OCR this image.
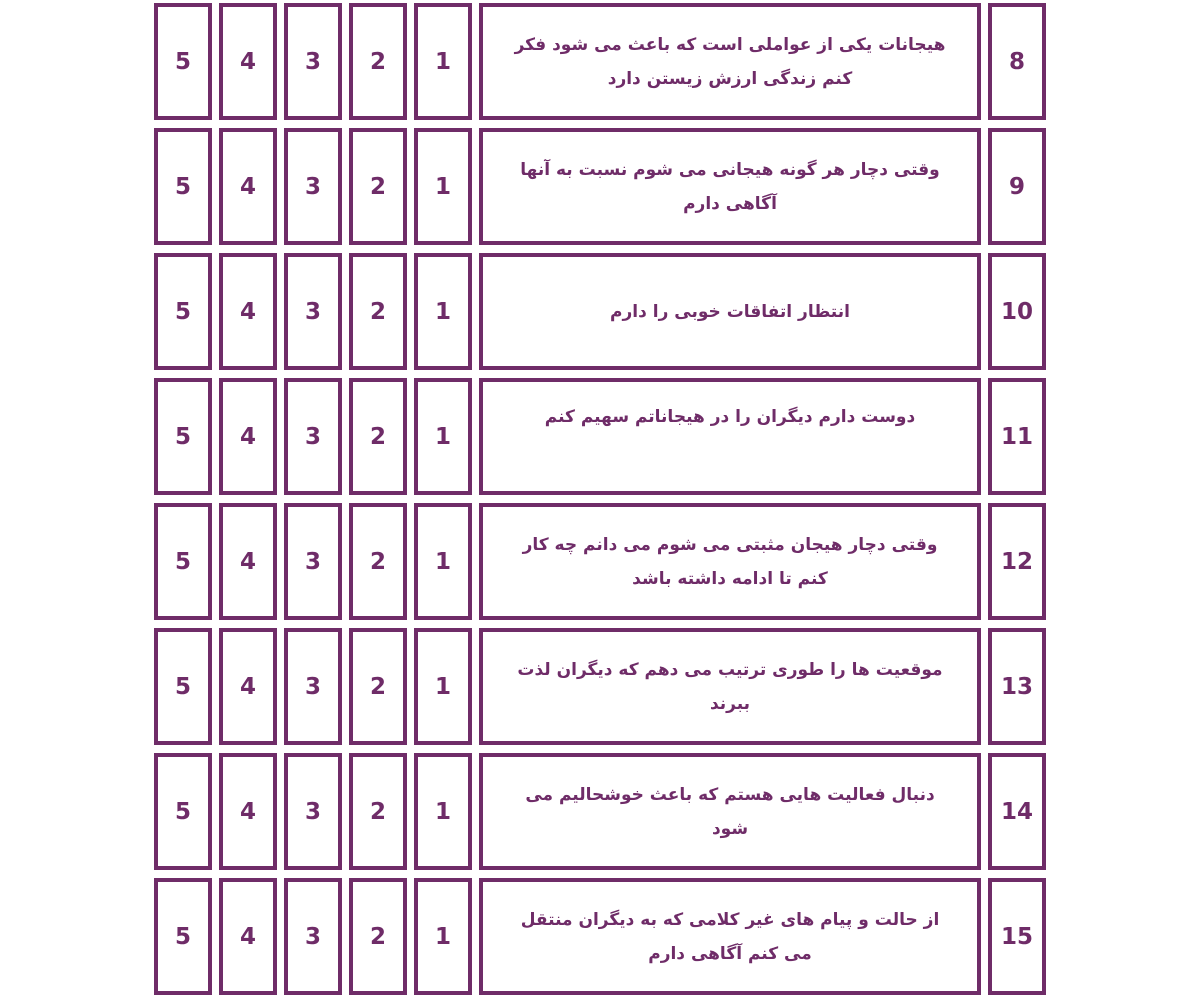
5 4 3 2 1
هیجانات یکی از عواملی است که باعث می شود فکر کنم زندگی ارزش زیستن دارد
8
5 4 3 2 1
وقتی دچار هر گونه هیجانی می شوم نسبت به آنها آگاهی دارم
9
5 4 3 2 1	انتظار اتفاقات خوبی را دارم	10
5 4 3 2 1
دوست دارم دیگران را در هیجاناتم سهیم کنم
11
5 4 3 2 1
وقتی دچار هیجان مثبتی می شوم می دانم چه کار کنم تا ادامه داشته باشد
12
5 4 3 2 1
موقعیت ها را طوری ترتیب می دهم که دیگران لذت ببرند
13
5 4 3 2 1
دنبال فعالیت هایی هستم که باعث خوشحالیم می شود
14
5 4 3 2 1
از حالت و پیام های غیر کلامی که به دیگران منتقل می کنم آگاهی دارم
15
